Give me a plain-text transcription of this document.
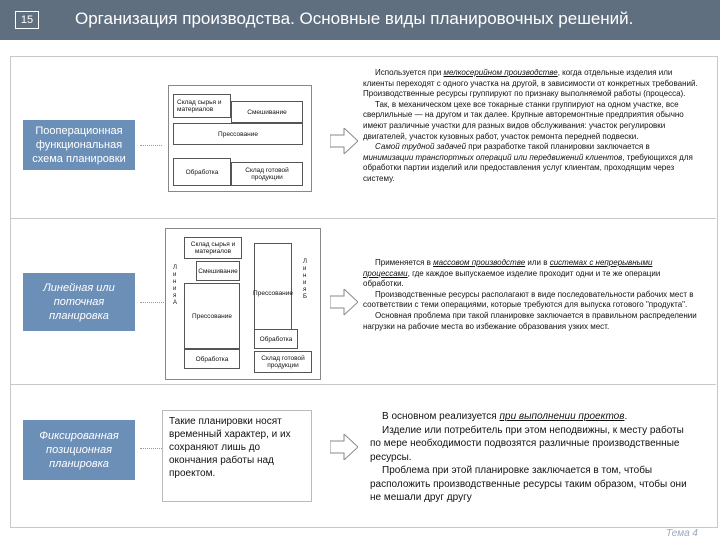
15	Организация производства. Основные виды планировочных решений.
Пооперационная функциональная схема планировки
Склад сырья и материалов	Смешивание
Прессование
Обработка	Склад готовой продукции

Используется при мелкосерийном производстве, когда отдельные изделия или клиенты переходят с одного участка на другой, в зависимости от конкретных требований. Производственные ресурсы группируют по признаку выполняемой работы (процесса).

Так, в механическом цехе все токарные станки группируют на одном участке, все сверлильные — на другом и так далее. Крупные авторемонтные предприятия обычно имеют различные участки для разных видов обслуживания: участок регулировки двигателей, участок кузовных работ, участок ремонта передней подвески.

Самой трудной задачей при разработке такой планировки заключается в минимизации транспортных операций или передвижений клиентов, требующихся для обработки партии изделий или предоставления услуг клиентам, проходящим через систему.

Линейная или поточная планировка
Склад сырья и материалов
Прессование
Смешивание
Прессование
Обработка
Обработка	Склад готовой продукции
Линия А
Линия Б

Применяется в массовом производстве или в системах с непрерывными процессами, где каждое выпускаемое изделие проходит одни и те же операции обработки.

Производственные ресурсы располагают в виде последовательности рабочих мест в соответствии с теми операциями, которые требуются для выпуска готового "продукта".

Основная проблема при такой планировке заключается в правильном распределении нагрузки на рабочие места во избежание образования узких мест.

Фиксированная позиционная планировка
Такие планировки носят временный характер, и их сохраняют лишь до окончания работы над проектом.

В основном реализуется при выполнении проектов.

Изделие или потребитель при этом неподвижны, к месту работы по мере необходимости подвозятся различные производственные ресурсы.

Проблема при этой планировке заключается в том, чтобы расположить производственные ресурсы таким образом, чтобы они не мешали друг другу

Тема 4
